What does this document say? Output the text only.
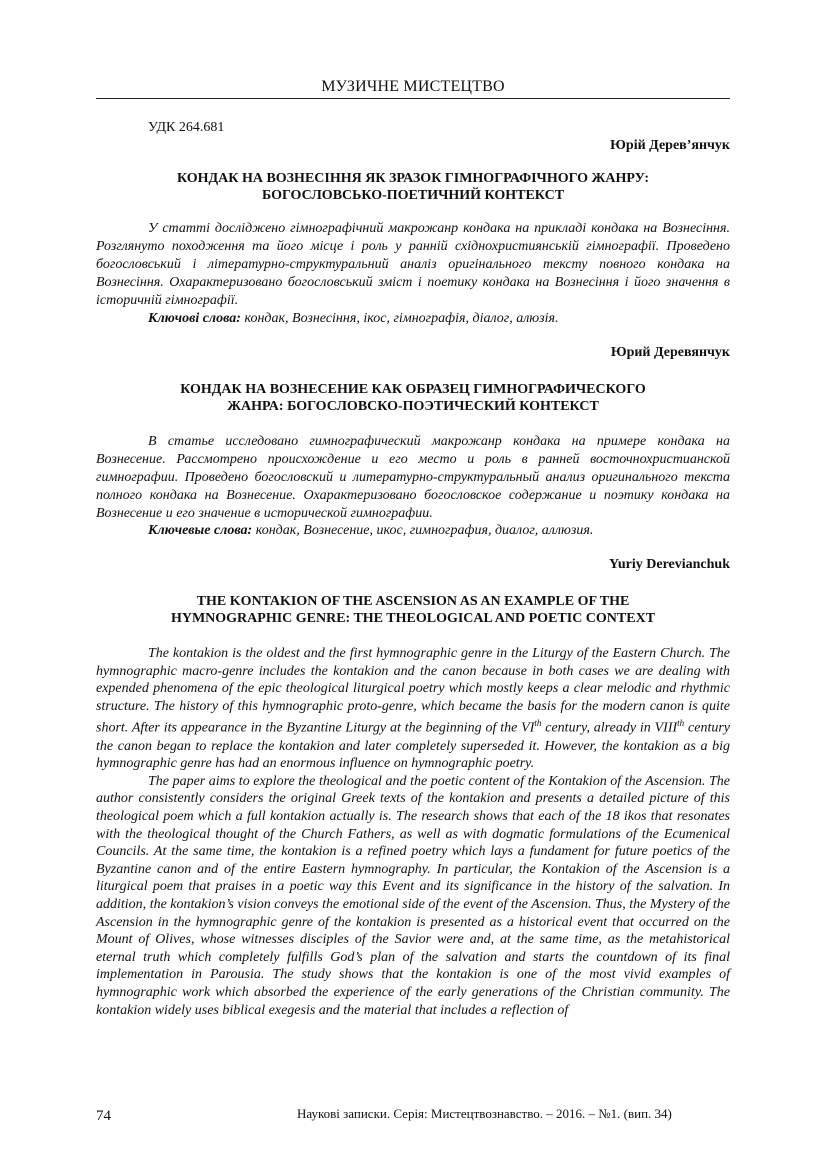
МУЗИЧНЕ МИСТЕЦТВО
УДК 264.681
Юрій Дерев’янчук
КОНДАК НА ВОЗНЕСІННЯ ЯК ЗРАЗОК ГІМНОГРАФІЧНОГО ЖАНРУ:
БОГОСЛОВСЬКО-ПОЕТИЧНИЙ КОНТЕКСТ

У статті досліджено гімнографічний макрожанр кондака на прикладі кондака на Вознесіння. Розглянуто походження та його місце і роль у ранній східнохристиянській гімнографії. Проведено богословський і літературно-структуральний аналіз оригінального тексту повного кондака на Вознесіння. Охарактеризовано богословський зміст і поетику кондака на Вознесіння і його значення в історичній гімнографії.

Ключові слова: кондак, Вознесіння, ікос, гімнографія, діалог, алюзія.
Юрий Деревянчук
КОНДАК НА ВОЗНЕСЕНИЕ КАК ОБРАЗЕЦ ГИМНОГРАФИЧЕСКОГО
ЖАНРА: БОГОСЛОВСКО-ПОЭТИЧЕСКИЙ КОНТЕКСТ

В статье исследовано гимнографический макрожанр кондака на примере кондака на Вознесение. Рассмотрено происхождение и его место и роль в ранней восточнохристианской гимнографии. Проведено богословский и литературно-структуральный анализ оригинального текста полного кондака на Вознесение. Охарактеризовано богословское содержание и поэтику кондака на Вознесение и его значение в исторической гимнографии.

Ключевые слова: кондак, Вознесение, икос, гимнография, диалог, аллюзия.
Yuriy Derevianchuk
THE KONTAKION OF THE ASCENSION AS AN EXAMPLE OF THE
HYMNOGRAPHIC GENRE: THE THEOLOGICAL AND POETIC CONTEXT

The kontakion is the oldest and the first hymnographic genre in the Liturgy of the Eastern Church. The hymnographic macro-genre includes the kontakion and the canon because in both cases we are dealing with expended phenomena of the epic theological liturgical poetry which mostly keeps a clear melodic and rhythmic structure. The history of this hymnographic proto-genre, which became the basis for the modern canon is quite short. After its appearance in the Byzantine Liturgy at the beginning of the VIth century, already in VIIIth century the canon began to replace the kontakion and later completely superseded it. However, the kontakion as a big hymnographic genre has had an enormous influence on hymnographic poetry.

The paper aims to explore the theological and the poetic content of the Kontakion of the Ascension. The author consistently considers the original Greek texts of the kontakion and presents a detailed picture of this theological poem which a full kontakion actually is. The research shows that each of the 18 ikos that resonates with the theological thought of the Church Fathers, as well as with dogmatic formulations of the Ecumenical Councils. At the same time, the kontakion is a refined poetry which lays a fundament for future poetics of the Byzantine canon and of the entire Eastern hymnography. In particular, the Kontakion of the Ascension is a liturgical poem that praises in a poetic way this Event and its significance in the history of the salvation. In addition, the kontakion’s vision conveys the emotional side of the event of the Ascension. Thus, the Mystery of the Ascension in the hymnographic genre of the kontakion is presented as a historical event that occurred on the Mount of Olives, whose witnesses disciples of the Savior were and, at the same time, as the metahistorical eternal truth which completely fulfills God’s plan of the salvation and starts the countdown of its final implementation in Parousia. The study shows that the kontakion is one of the most vivid examples of hymnographic work which absorbed the experience of the early generations of the Christian community. The kontakion widely uses biblical exegesis and the material that includes a reflection of

74	Наукові записки. Серія: Мистецтвознавство. – 2016. – №1. (вип. 34)
